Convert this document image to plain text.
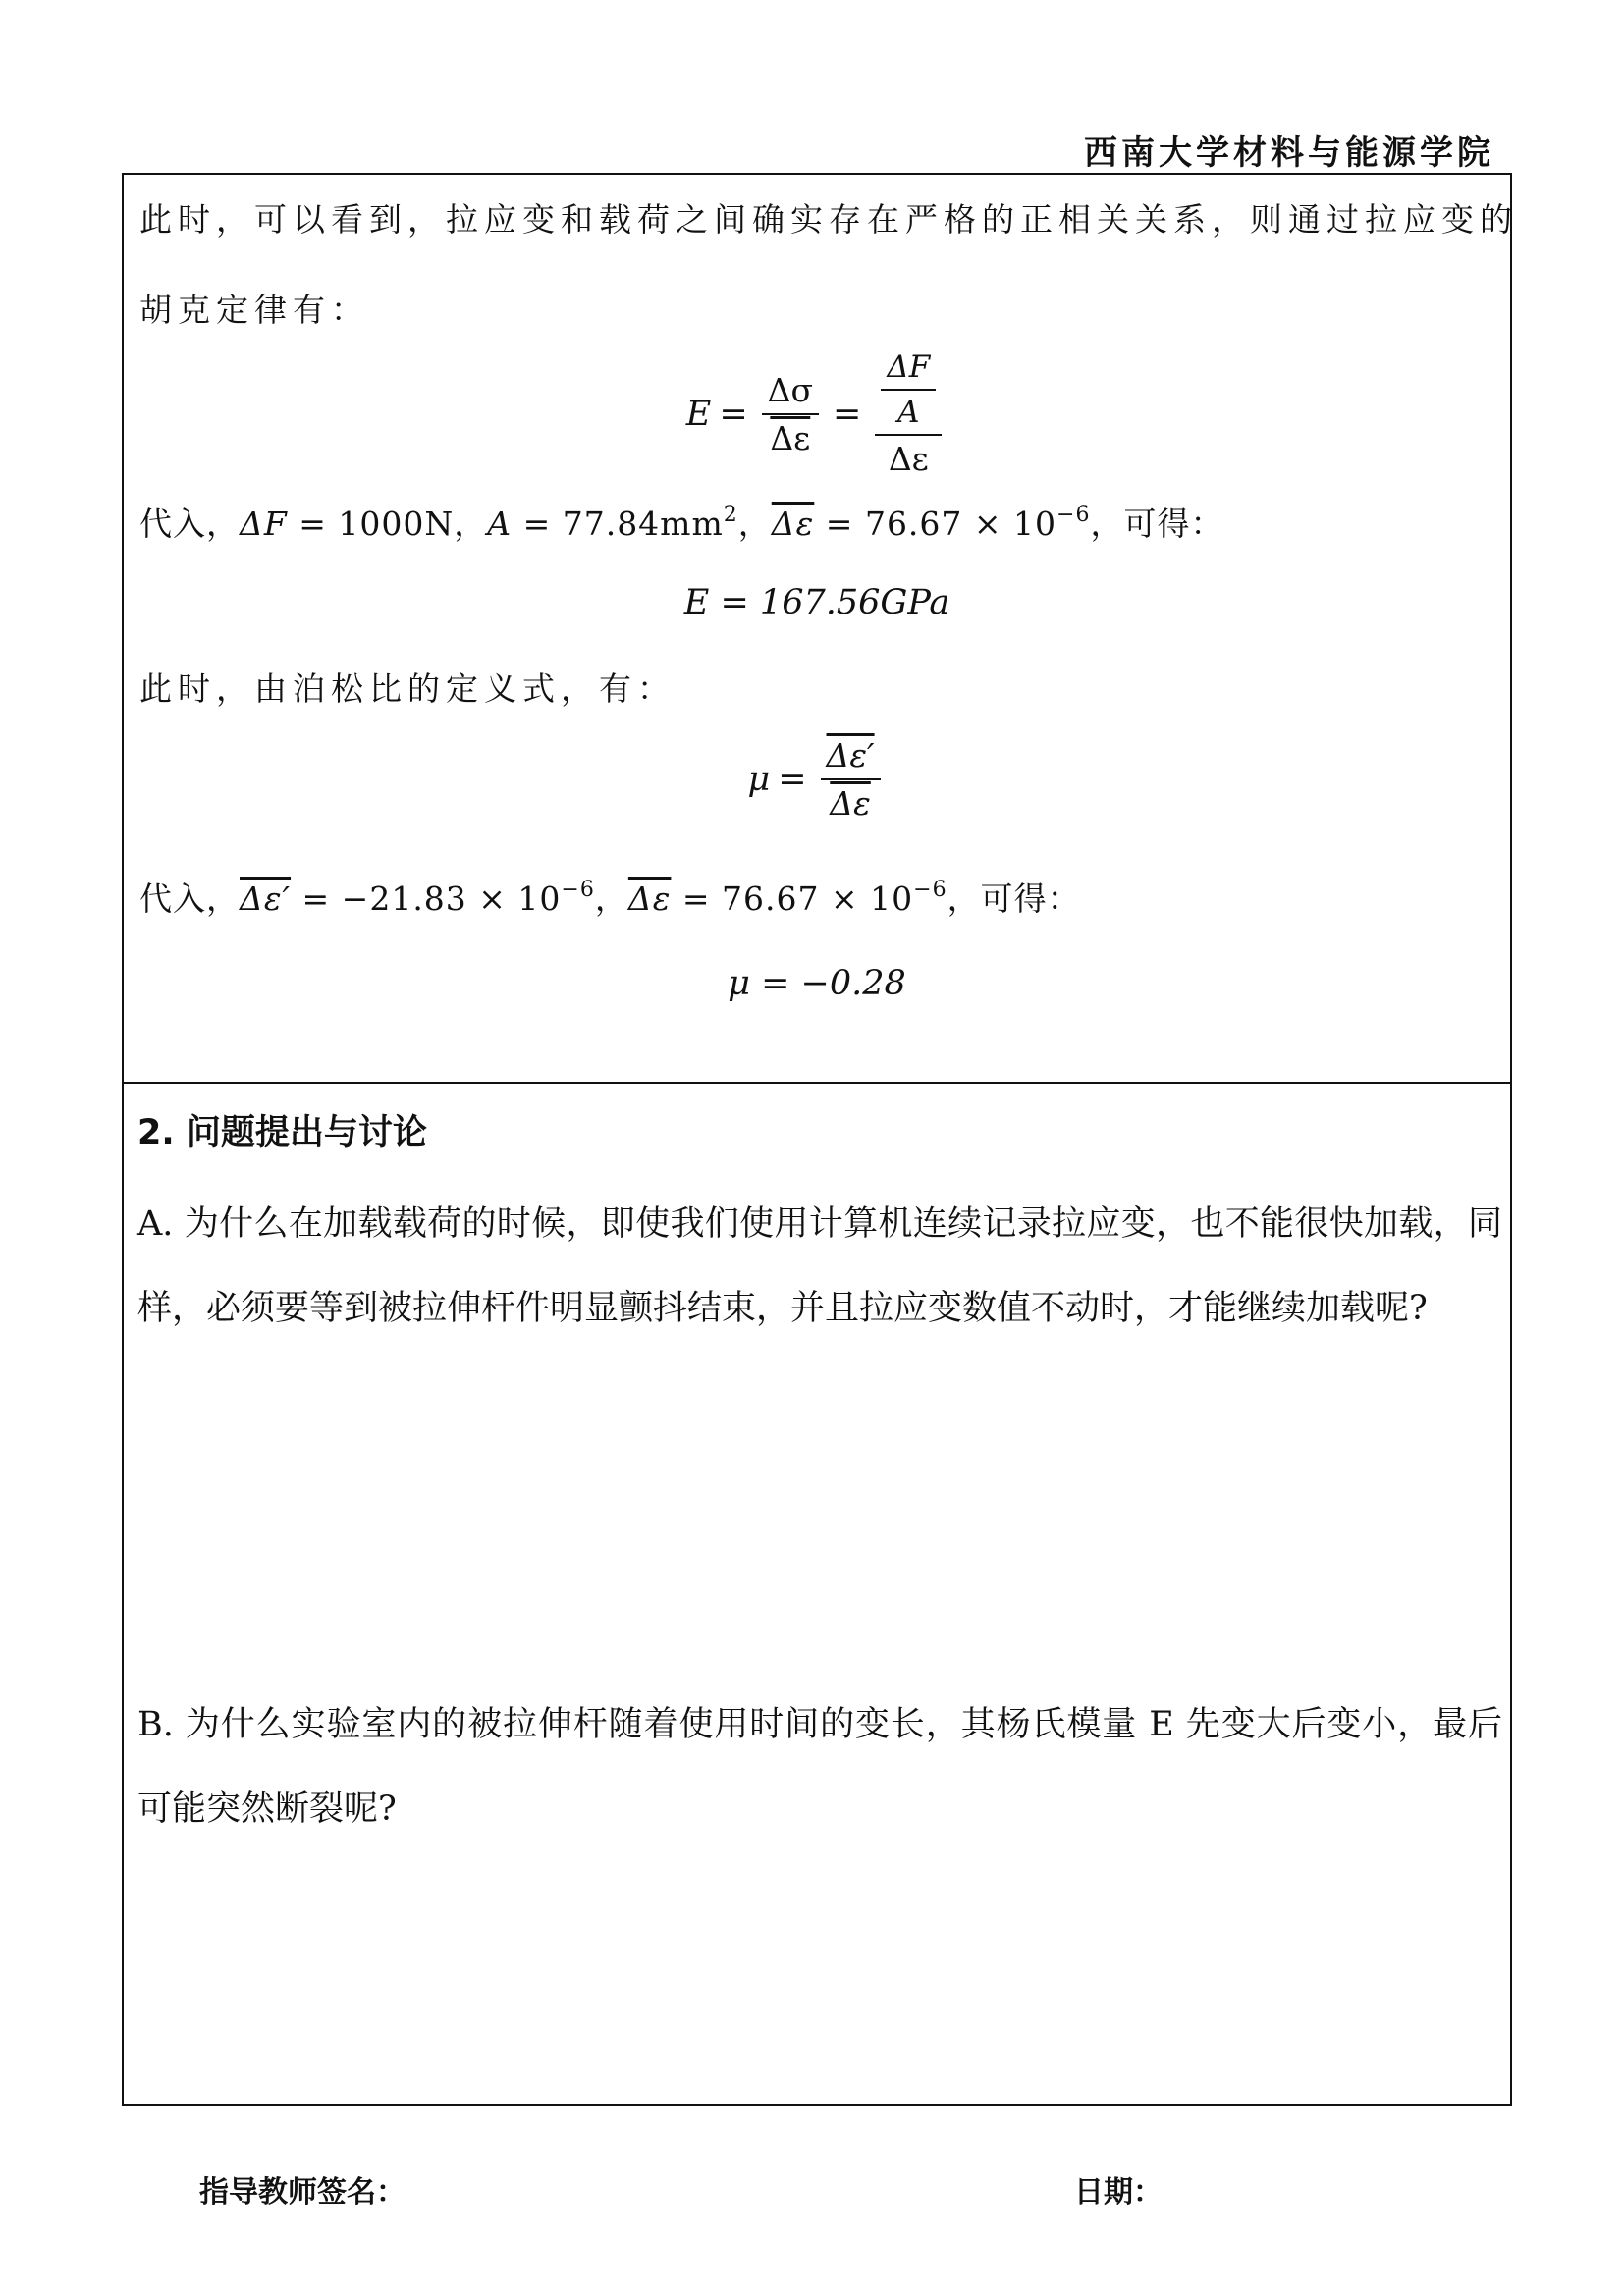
西南大学材料与能源学院
此时，可以看到，拉应变和载荷之间确实存在严格的正相关关系，则通过拉应变的
胡克定律有：
$E = \frac{\Delta\sigma}{\Delta\varepsilon} = \frac{\frac{\Delta F}{A}}{\Delta\varepsilon}$
代入，ΔF = 1000N，$A = 77.84mm^2$，$\overline{\Delta\varepsilon} = 76.67 \times 10^{-6}$，可得：
E = 167.56GPa
此时，由泊松比的定义式，有：
$\mu = \frac{\Delta\varepsilon'}{\Delta\varepsilon}$
代入，$\Delta\varepsilon' = -21.83 \times 10^{-6}$，$\overline{\Delta\varepsilon} = 76.67 \times 10^{-6}$，可得：
μ = −0.28
2. 问题提出与讨论
A. 为什么在加载载荷的时候，即使我们使用计算机连续记录拉应变，也不能很快加载，同样，必须要等到被拉伸杆件明显颤抖结束，并且拉应变数值不动时，才能继续加载呢?
B. 为什么实验室内的被拉伸杆随着使用时间的变长，其杨氏模量 E 先变大后变小，最后可能突然断裂呢?
指导教师签名：	日期：
